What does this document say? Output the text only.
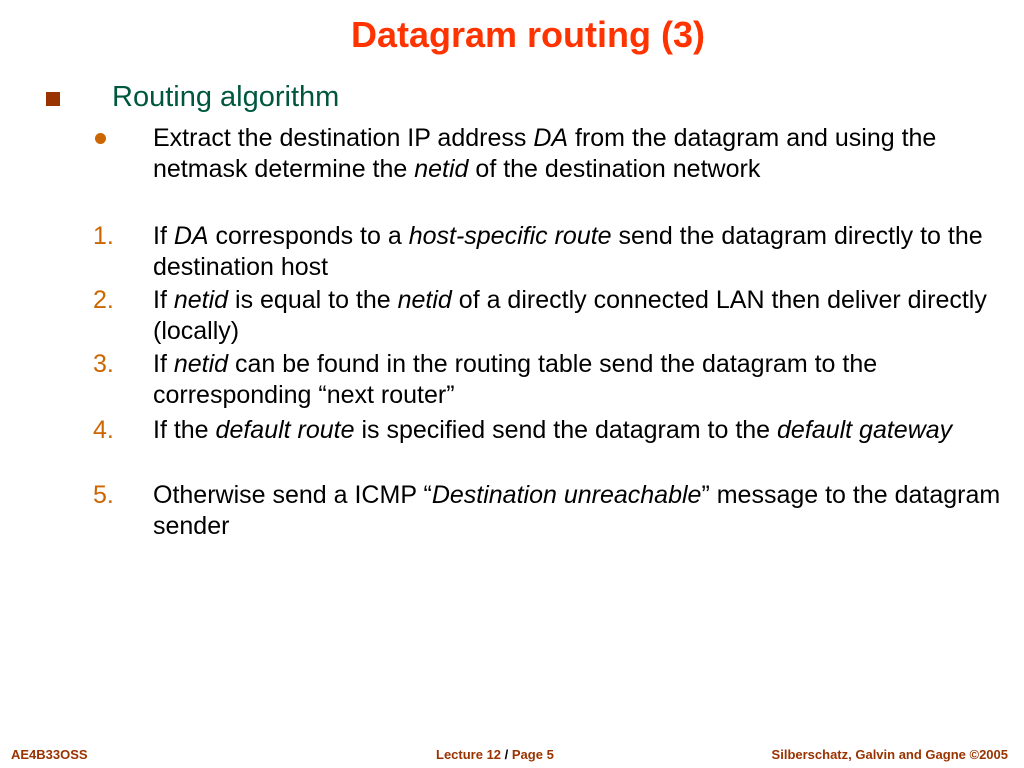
Datagram routing (3)
Routing algorithm
Extract the destination IP address DA from the datagram and using the netmask determine the netid of the destination network
1. If DA corresponds to a host-specific route send the datagram directly to the destination host
2. If netid is equal to the netid of a directly connected LAN then deliver directly (locally)
3. If netid can be found in the routing table send the datagram to the corresponding “next router”
4. If the default route is specified send the datagram to the default gateway
5. Otherwise send a ICMP “Destination unreachable” message to the datagram sender
AE4B33OSS	Lecture 12 / Page 5	Silberschatz, Galvin and Gagne ©2005
